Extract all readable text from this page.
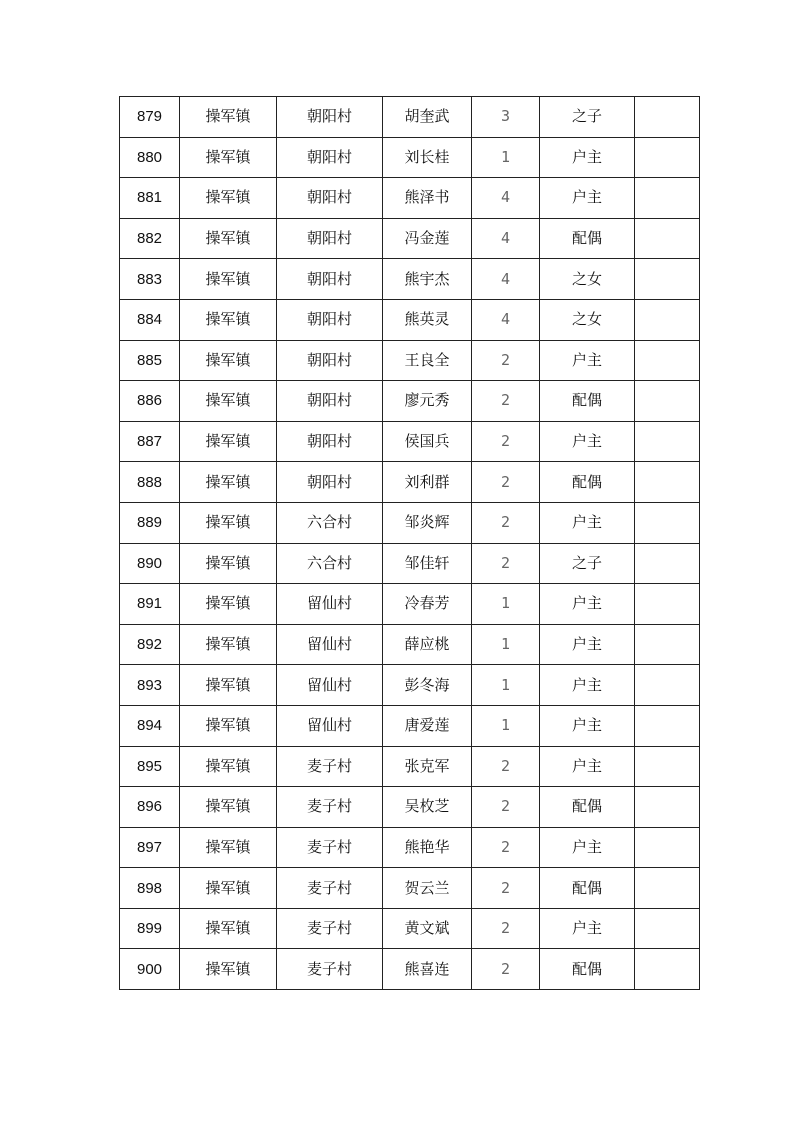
879	操军镇	朝阳村	胡奎武	3	之子	
880	操军镇	朝阳村	刘长桂	1	户主	
881	操军镇	朝阳村	熊泽书	4	户主	
882	操军镇	朝阳村	冯金莲	4	配偶	
883	操军镇	朝阳村	熊宇杰	4	之女	
884	操军镇	朝阳村	熊英灵	4	之女	
885	操军镇	朝阳村	王良全	2	户主	
886	操军镇	朝阳村	廖元秀	2	配偶	
887	操军镇	朝阳村	侯国兵	2	户主	
888	操军镇	朝阳村	刘利群	2	配偶	
889	操军镇	六合村	邹炎辉	2	户主	
890	操军镇	六合村	邹佳轩	2	之子	
891	操军镇	留仙村	冷春芳	1	户主	
892	操军镇	留仙村	薛应桃	1	户主	
893	操军镇	留仙村	彭冬海	1	户主	
894	操军镇	留仙村	唐爱莲	1	户主	
895	操军镇	麦子村	张克军	2	户主	
896	操军镇	麦子村	吴枚芝	2	配偶	
897	操军镇	麦子村	熊艳华	2	户主	
898	操军镇	麦子村	贺云兰	2	配偶	
899	操军镇	麦子村	黄文斌	2	户主	
900	操军镇	麦子村	熊喜连	2	配偶	
